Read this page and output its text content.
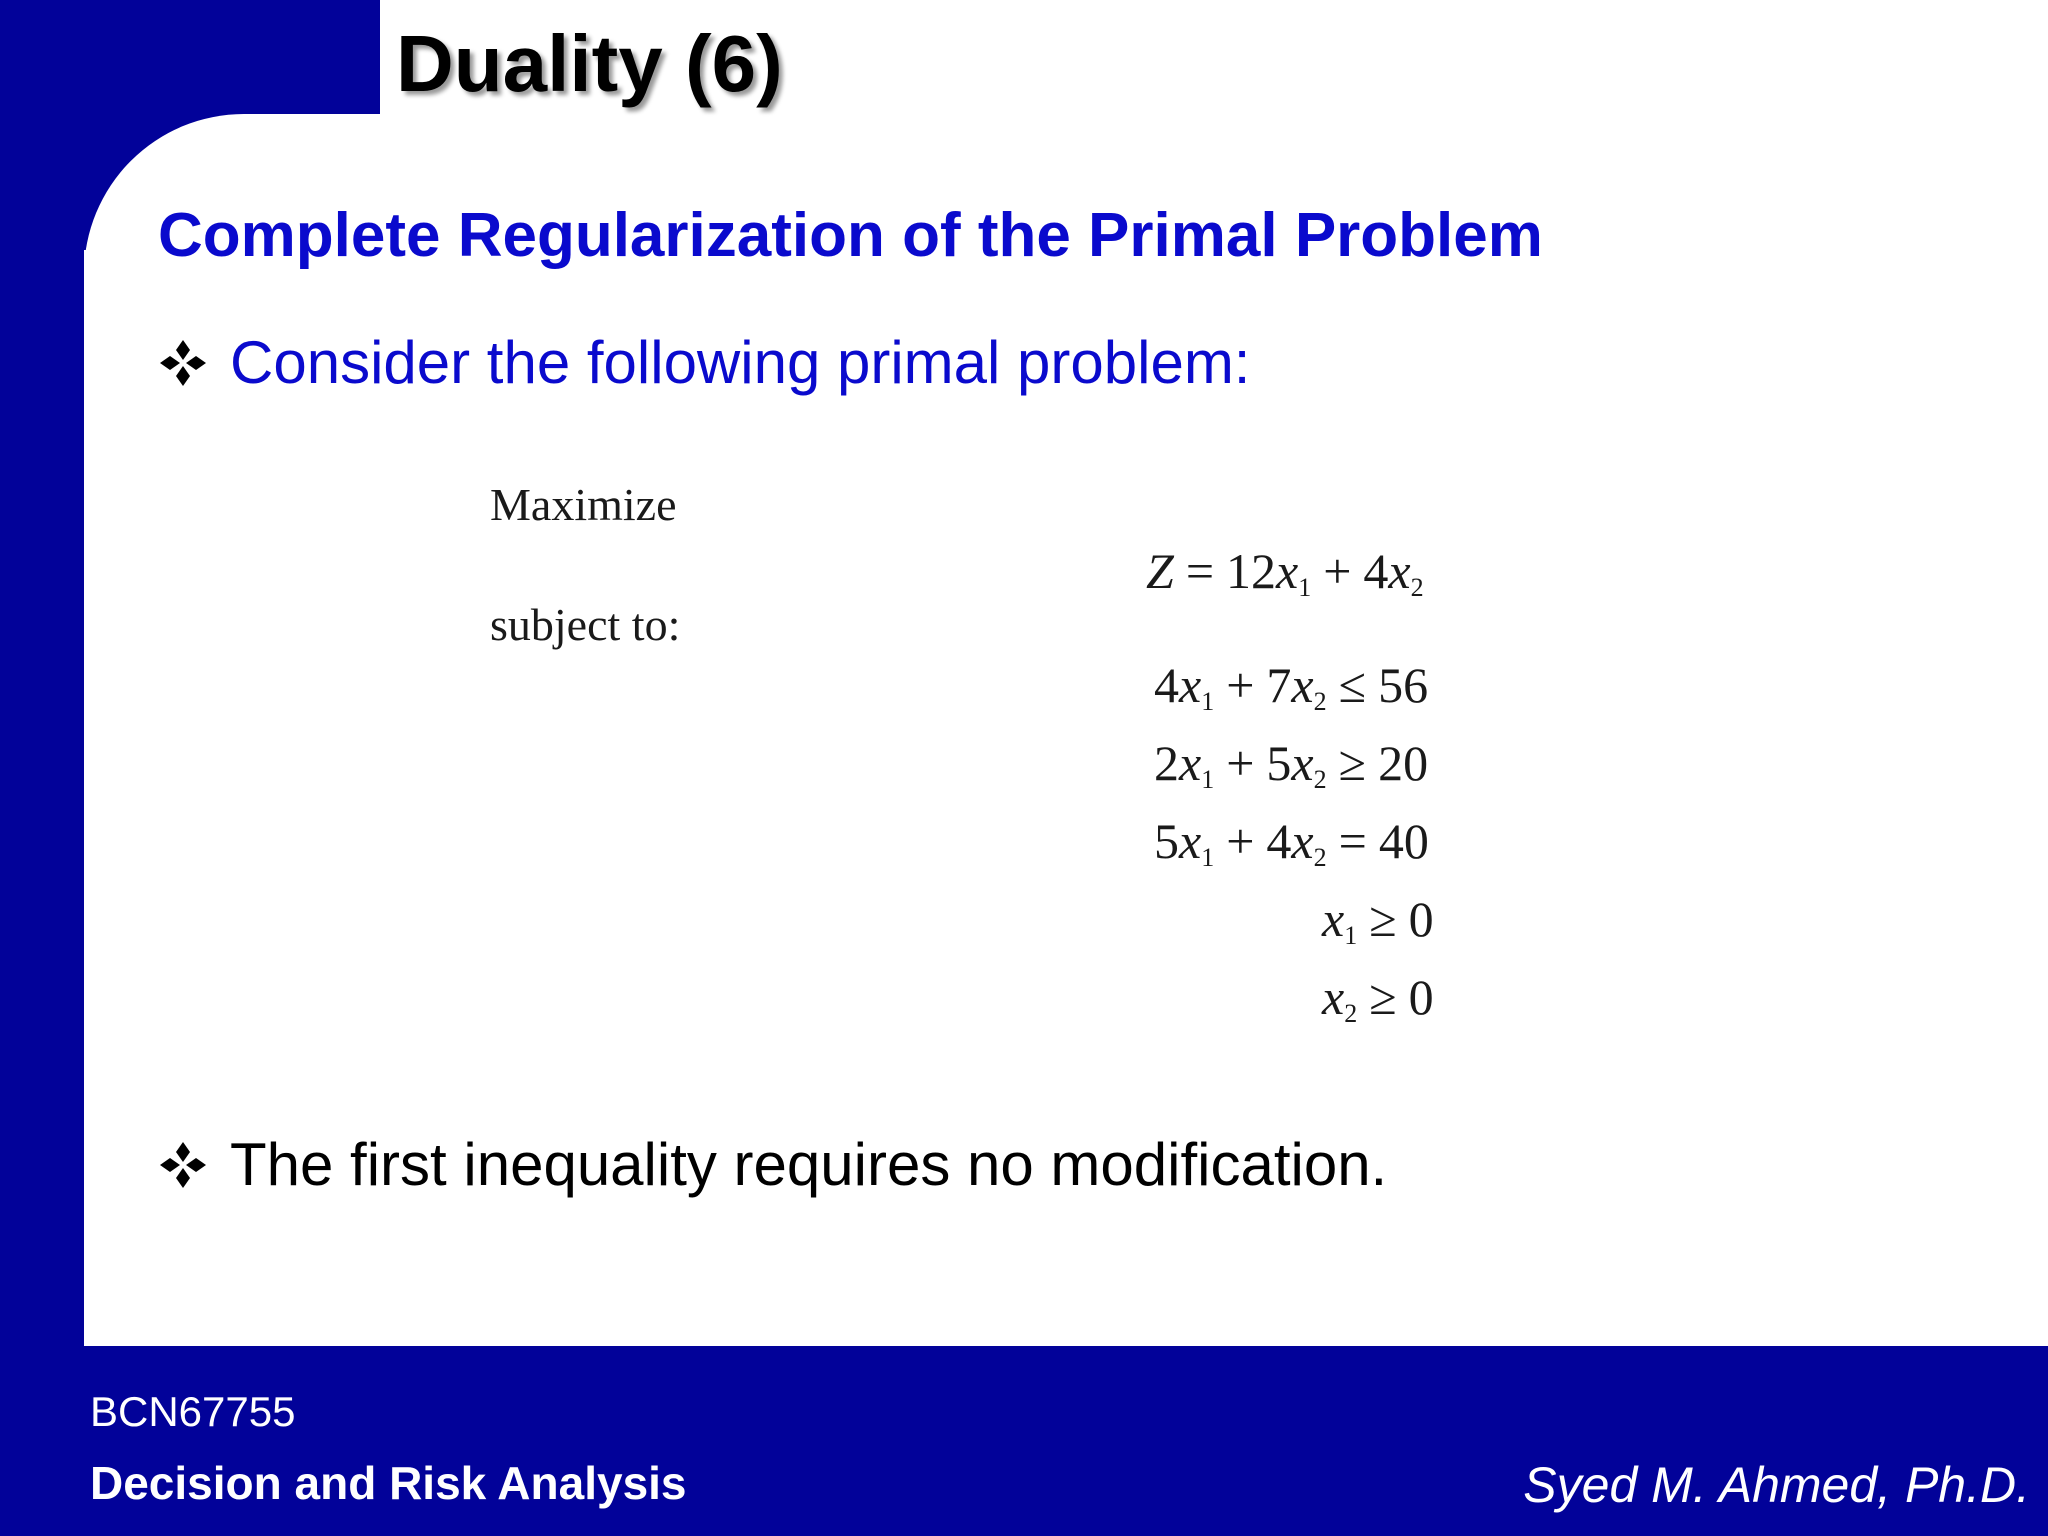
Duality (6)
Complete Regularization of the Primal Problem
Consider the following primal problem:
Maximize
subject to:
$Z = 12x_1 + 4x_2$
$4x_1 + 7x_2 \le 56$
$2x_1 + 5x_2 \ge 20$
$5x_1 + 4x_2 = 40$
$x_1 \ge 0$
$x_2 \ge 0$
The first inequality requires no modification.
BCN67755
Decision and Risk Analysis	Syed M. Ahmed, Ph.D.
